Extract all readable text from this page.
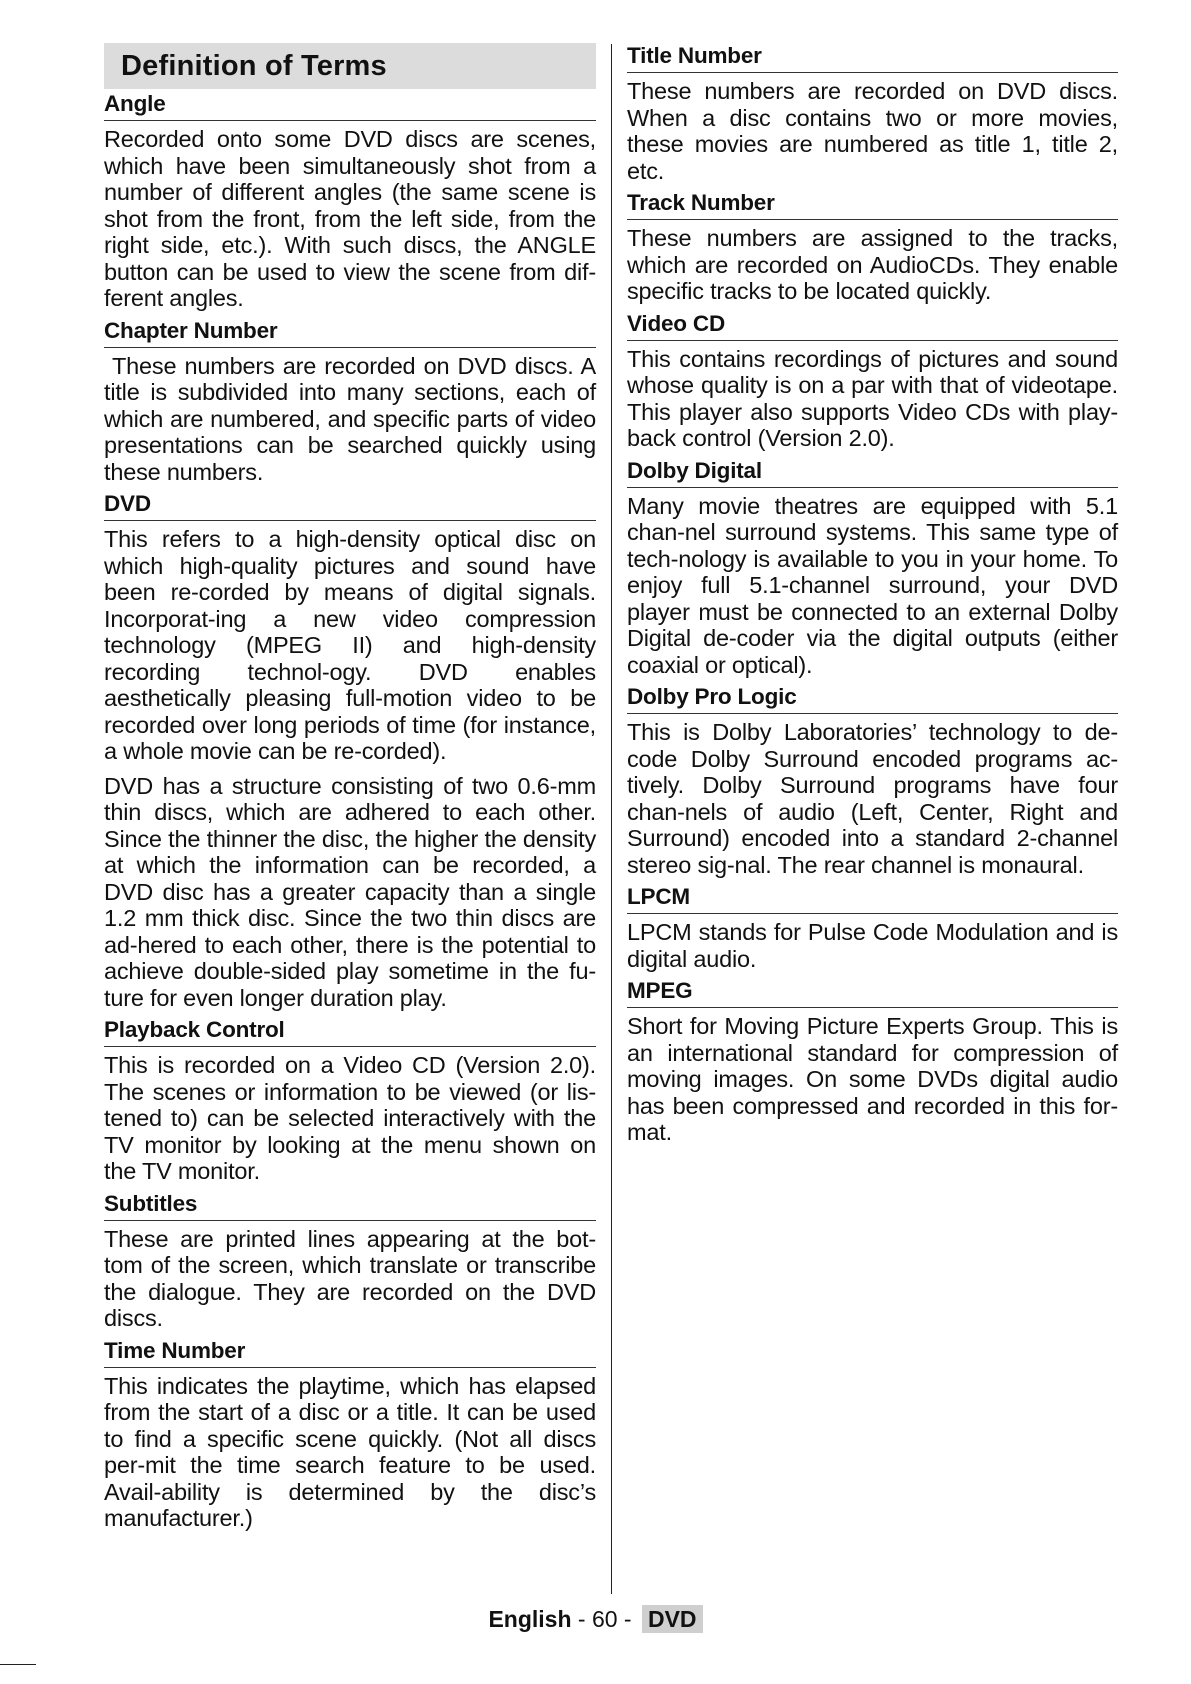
Definition of Terms
Angle

Recorded onto some DVD discs are scenes, which have been simultaneously shot from a number of different angles (the same scene is shot from the front, from the left side, from the right side, etc.). With such discs, the ANGLE button can be used to view the scene from dif-ferent angles.

Chapter Number

These numbers are recorded on DVD discs. A title is subdivided into many sections, each of which are numbered, and specific parts of video presentations can be searched quickly using these numbers.

DVD

This refers to a high-density optical disc on which high-quality pictures and sound have been re-corded by means of digital signals. Incorporat-ing a new video compression technology (MPEG II) and high-density recording technol-ogy. DVD enables aesthetically pleasing full-motion video to be recorded over long periods of time (for instance, a whole movie can be re-corded).

DVD has a structure consisting of two 0.6-mm thin discs, which are adhered to each other. Since the thinner the disc, the higher the density at which the information can be recorded, a DVD disc has a greater capacity than a single 1.2 mm thick disc. Since the two thin discs are ad-hered to each other, there is the potential to achieve double-sided play sometime in the fu-ture for even longer duration play.

Playback Control

This is recorded on a Video CD (Version 2.0). The scenes or information to be viewed (or lis-tened to) can be selected interactively with the TV monitor by looking at the menu shown on the TV monitor.

Subtitles

These are printed lines appearing at the bot-tom of the screen, which translate or transcribe the dialogue. They are recorded on the DVD discs.

Time Number

This indicates the playtime, which has elapsed from the start of a disc or a title. It can be used to find a specific scene quickly. (Not all discs per-mit the time search feature to be used. Avail-ability is determined by the disc’s manufacturer.)

Title Number

These numbers are recorded on DVD discs. When a disc contains two or more movies, these movies are numbered as title 1, title 2, etc.

Track Number

These numbers are assigned to the tracks, which are recorded on AudioCDs. They enable specific tracks to be located quickly.

Video CD

This contains recordings of pictures and sound whose quality is on a par with that of videotape. This player also supports Video CDs with play-back control (Version 2.0).

Dolby Digital

Many movie theatres are equipped with 5.1 chan-nel surround systems. This same type of tech-nology is available to you in your home. To enjoy full 5.1-channel surround, your DVD player must be connected to an external Dolby Digital de-coder via the digital outputs (either coaxial or optical).

Dolby Pro Logic

This is Dolby Laboratories’ technology to de-code Dolby Surround encoded programs ac-tively. Dolby Surround programs have four chan-nels of audio (Left, Center, Right and Surround) encoded into a standard 2-channel stereo sig-nal. The rear channel is monaural.

LPCM

LPCM stands for Pulse Code Modulation and is digital audio.

MPEG

Short for Moving Picture Experts Group. This is an international standard for compression of moving images. On some DVDs digital audio has been compressed and recorded in this for-mat.

English - 60 - DVD
